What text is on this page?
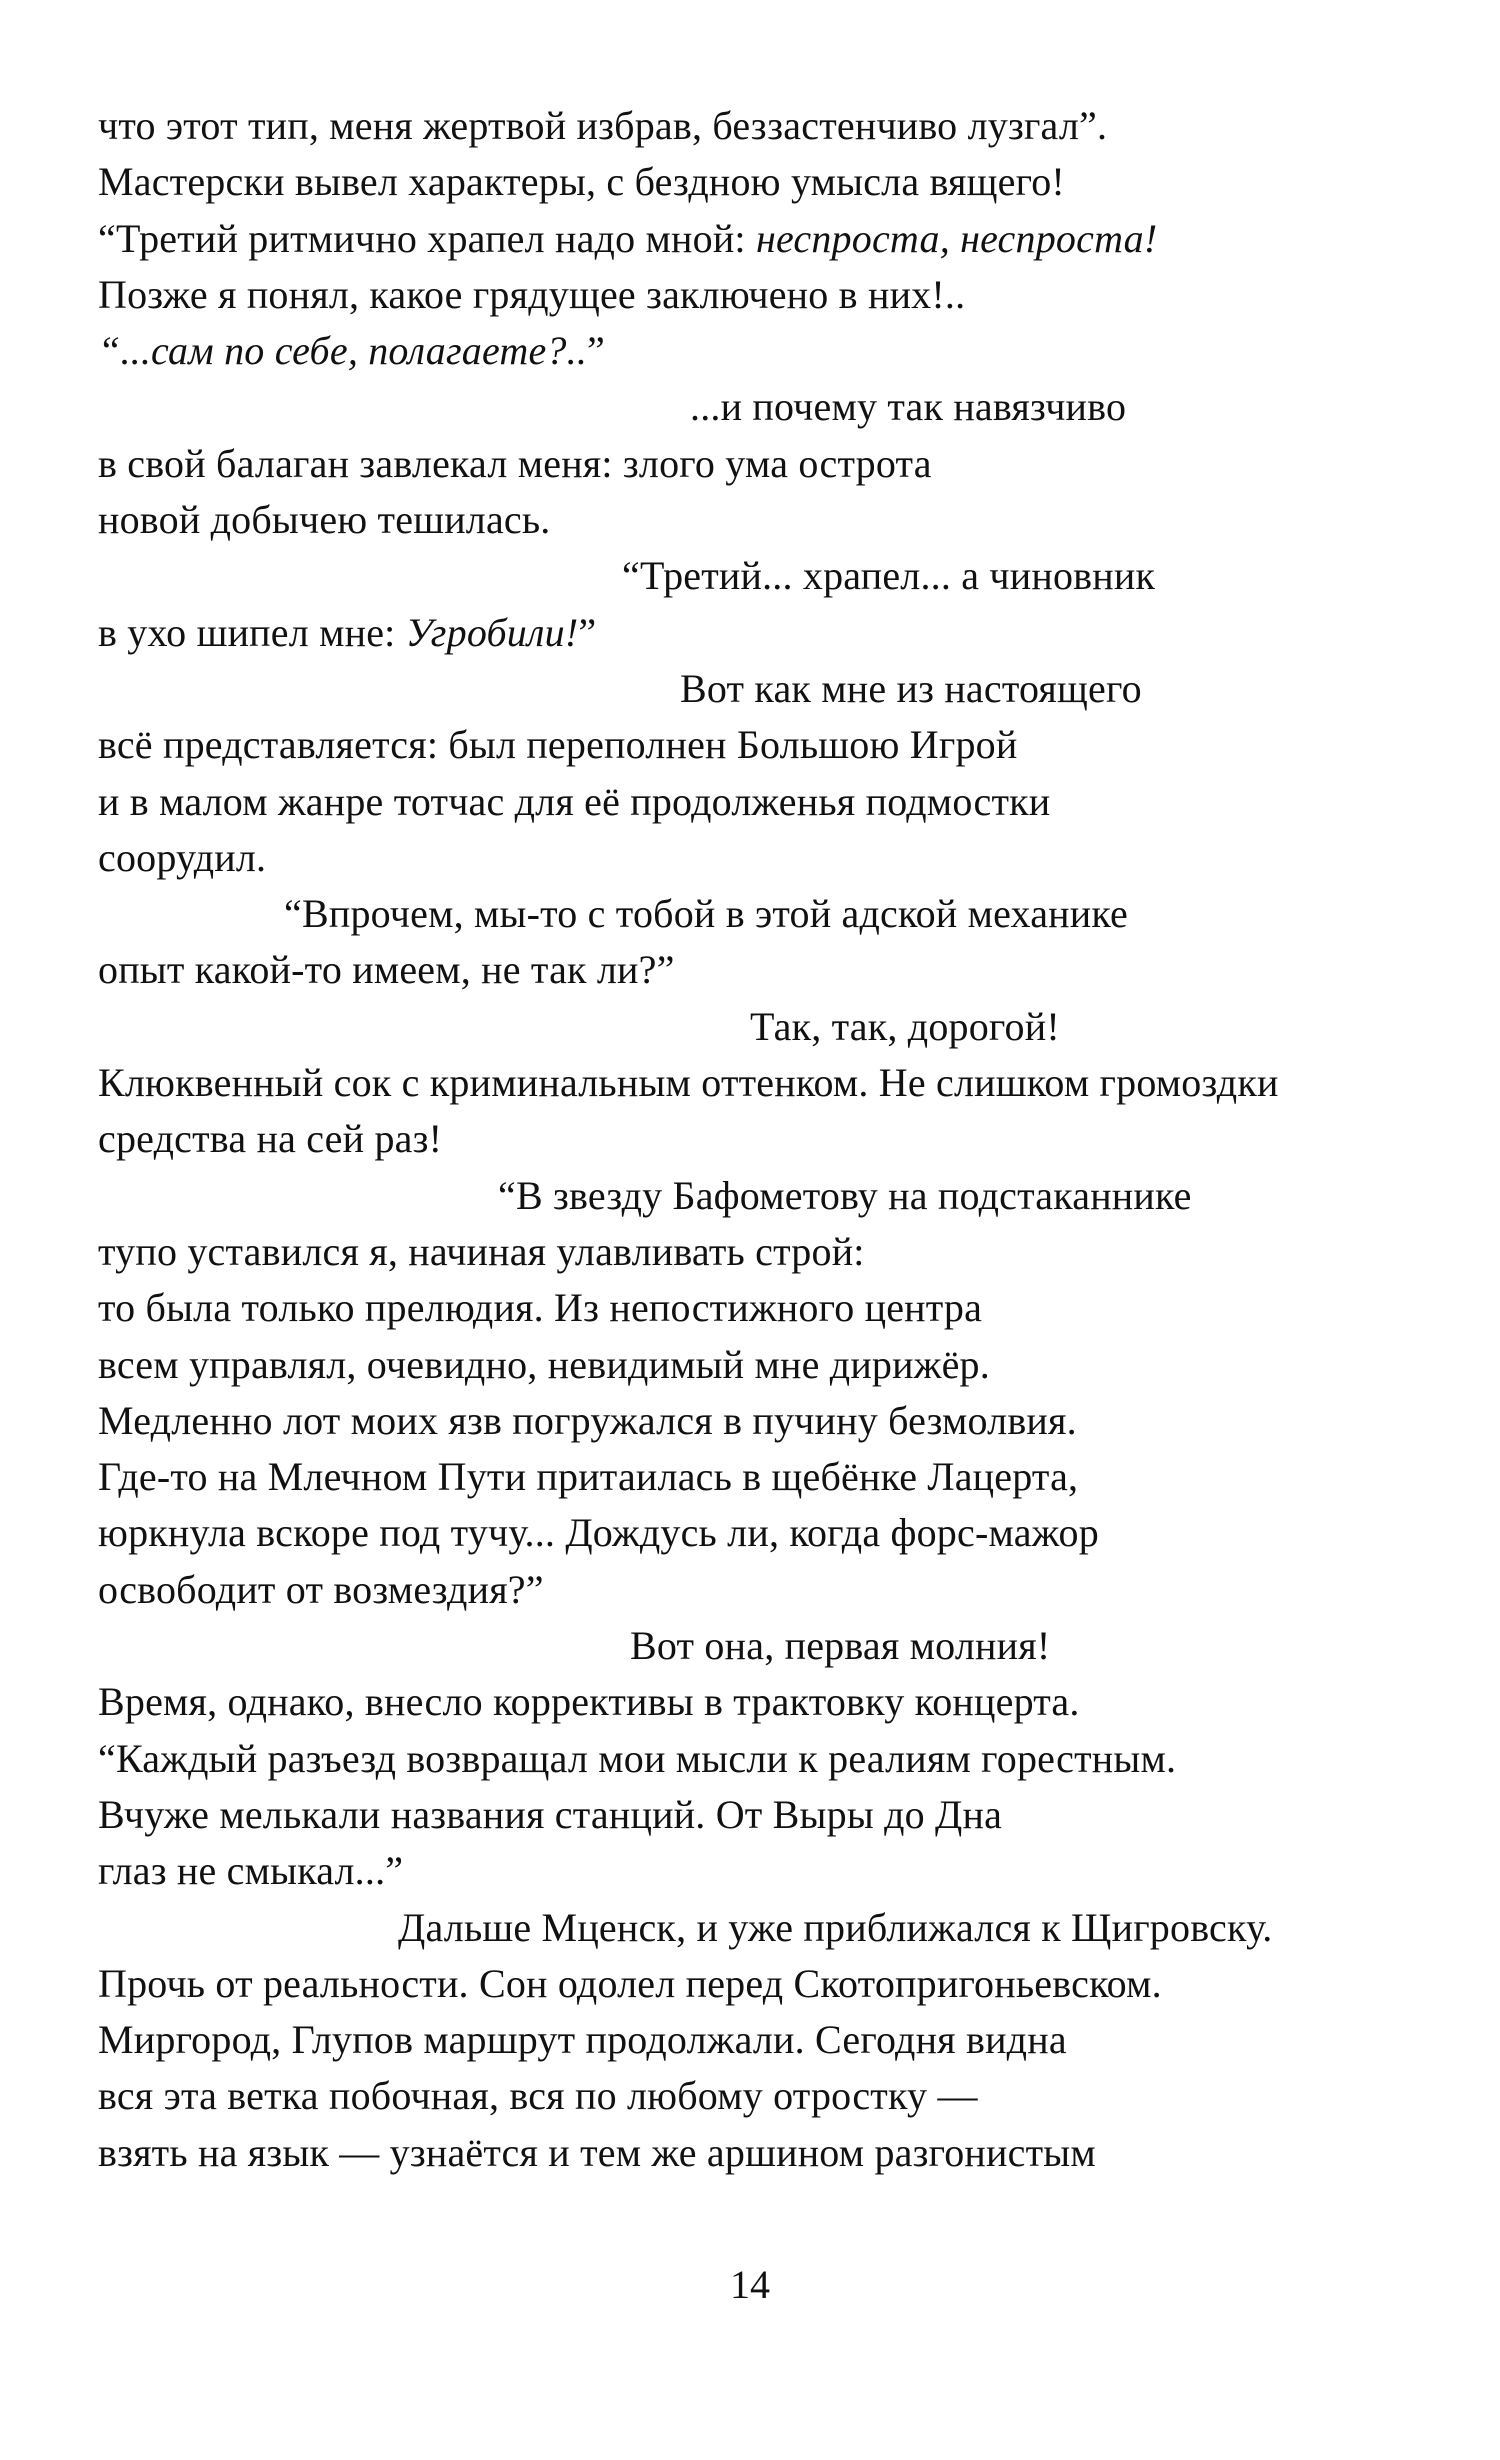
что этот тип, меня жертвой избрав, беззастенчиво лузгал”.
Мастерски вывел характеры, с бездною умысла вящего!
“Третий ритмично храпел надо мной: неспроста, неспроста!
Позже я понял, какое грядущее заключено в них!..
“...сам по себе, полагаете?..”
...и почему так навязчиво
в свой балаган завлекал меня: злого ума острота
новой добычею тешилась.
“Третий... храпел... а чиновник
в ухо шипел мне: Угробили!”
Вот как мне из настоящего
всё представляется: был переполнен Большою Игрой
и в малом жанре тотчас для её продолженья подмостки
соорудил.
“Впрочем, мы-то с тобой в этой адской механике
опыт какой-то имеем, не так ли?”
Так, так, дорогой!
Клюквенный сок с криминальным оттенком. Не слишком громоздки
средства на сей раз!
“В звезду Бафометову на подстаканнике
тупо уставился я, начиная улавливать строй:
то была только прелюдия. Из непостижного центра
всем управлял, очевидно, невидимый мне дирижёр.
Медленно лот моих язв погружался в пучину безмолвия.
Где-то на Млечном Пути притаилась в щебёнке Лацерта,
юркнула вскоре под тучу... Дождусь ли, когда форс-мажор
освободит от возмездия?”
Вот она, первая молния!
Время, однако, внесло коррективы в трактовку концерта.
“Каждый разъезд возвращал мои мысли к реалиям горестным.
Вчуже мелькали названия станций. От Выры до Дна
глаз не смыкал...”
Дальше Мценск, и уже приближался к Щигровску.
Прочь от реальности. Сон одолел перед Скотопригоньевском.
Миргород, Глупов маршрут продолжали. Сегодня видна
вся эта ветка побочная, вся по любому отростку —
взять на язык — узнаётся и тем же аршином разгонистым
14
